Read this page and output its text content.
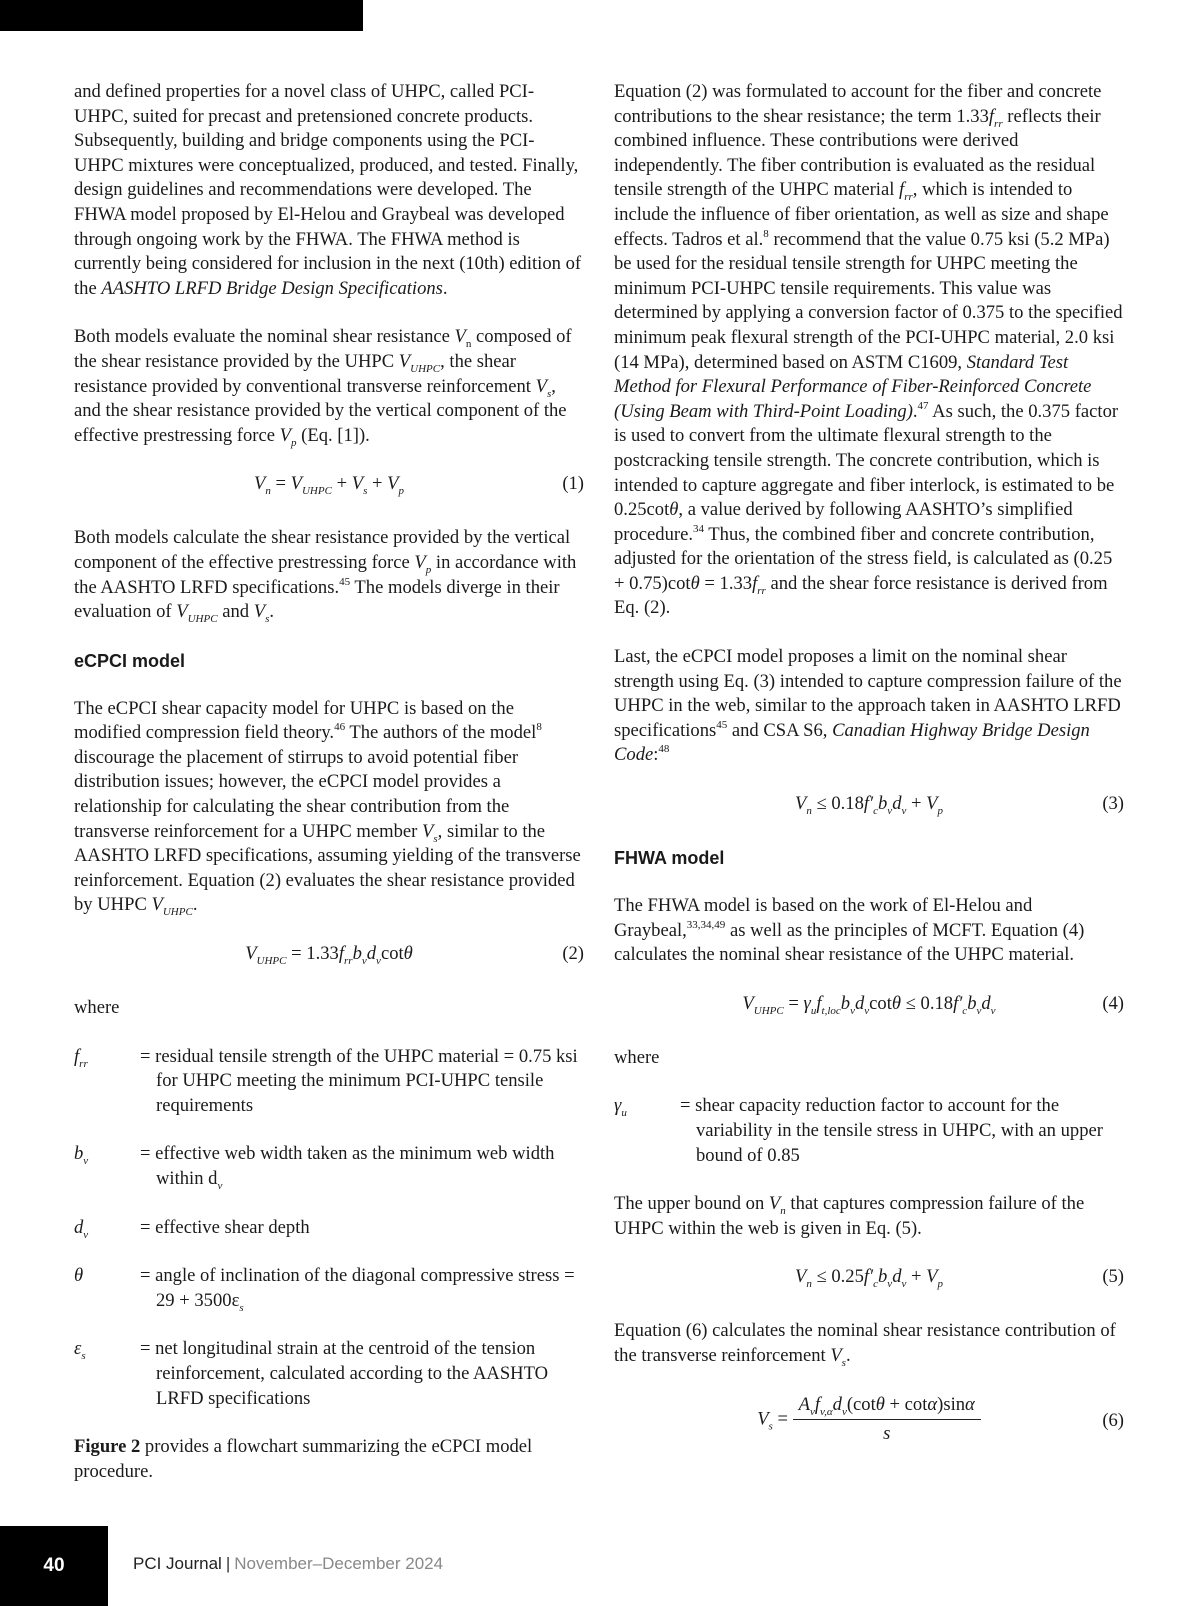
and defined properties for a novel class of UHPC, called PCI-UHPC, suited for precast and pretensioned concrete products. Subsequently, building and bridge components using the PCI-UHPC mixtures were conceptualized, produced, and tested. Finally, design guidelines and recommendations were developed. The FHWA model proposed by El-Helou and Graybeal was developed through ongoing work by the FHWA. The FHWA method is currently being considered for inclusion in the next (10th) edition of the AASHTO LRFD Bridge Design Specifications.

Both models evaluate the nominal shear resistance $V_n$ composed of the shear resistance provided by the UHPC $V_{UHPC}$, the shear resistance provided by conventional transverse reinforcement $V_s$, and the shear resistance provided by the vertical component of the effective prestressing force $V_p$ (Eq. [1]).

$V_n = V_{UHPC} + V_s + V_p$	(1)

Both models calculate the shear resistance provided by the vertical component of the effective prestressing force $V_p$ in accordance with the AASHTO LRFD specifications.$^{45}$ The models diverge in their evaluation of $V_{UHPC}$ and $V_s$.

eCPCI model

The eCPCI shear capacity model for UHPC is based on the modified compression field theory.$^{46}$ The authors of the model$^8$ discourage the placement of stirrups to avoid potential fiber distribution issues; however, the eCPCI model provides a relationship for calculating the shear contribution from the transverse reinforcement for a UHPC member $V_s$, similar to the AASHTO LRFD specifications, assuming yielding of the transverse reinforcement. Equation (2) evaluates the shear resistance provided by UHPC $V_{UHPC}$.

$V_{UHPC} = 1.33f_{rr}b_vd_v\cot\theta$	(2)

where

$f_{rr}$	= residual tensile strength of the UHPC material = 0.75 ksi for UHPC meeting the minimum PCI-UHPC tensile requirements
$b_v$	= effective web width taken as the minimum web width within $d_v$
$d_v$	= effective shear depth
θ	= angle of inclination of the diagonal compressive stress = $29 + 3500\varepsilon_s$
$\varepsilon_s$	= net longitudinal strain at the centroid of the tension reinforcement, calculated according to the AASHTO LRFD specifications

Figure 2 provides a flowchart summarizing the eCPCI model procedure.

Equation (2) was formulated to account for the fiber and concrete contributions to the shear resistance; the term $1.33f_{rr}$ reflects their combined influence. These contributions were derived independently. The fiber contribution is evaluated as the residual tensile strength of the UHPC material $f_{rr}$, which is intended to include the influence of fiber orientation, as well as size and shape effects. Tadros et al.$^8$ recommend that the value 0.75 ksi (5.2 MPa) be used for the residual tensile strength for UHPC meeting the minimum PCI-UHPC tensile requirements. This value was determined by applying a conversion factor of 0.375 to the specified minimum peak flexural strength of the PCI-UHPC material, 2.0 ksi (14 MPa), determined based on ASTM C1609, Standard Test Method for Flexural Performance of Fiber-Reinforced Concrete (Using Beam with Third-Point Loading).$^{47}$ As such, the 0.375 factor is used to convert from the ultimate flexural strength to the postcracking tensile strength. The concrete contribution, which is intended to capture aggregate and fiber interlock, is estimated to be 0.25cotθ, a value derived by following AASHTO’s simplified procedure.$^{34}$ Thus, the combined fiber and concrete contribution, adjusted for the orientation of the stress field, is calculated as $(0.25 + 0.75)\cot\theta = 1.33f_{rr}$ and the shear force resistance is derived from Eq. (2).

Last, the eCPCI model proposes a limit on the nominal shear strength using Eq. (3) intended to capture compression failure of the UHPC in the web, similar to the approach taken in AASHTO LRFD specifications$^{45}$ and CSA S6, Canadian Highway Bridge Design Code:$^{48}$

$V_n \le 0.18f'_cb_vd_v + V_p$	(3)
FHWA model

The FHWA model is based on the work of El-Helou and Graybeal,$^{33,34,49}$ as well as the principles of MCFT. Equation (4) calculates the nominal shear resistance of the UHPC material.

$V_{UHPC} = \gamma_uf_{t,loc}b_vd_v\cot\theta \le 0.18f'_cb_vd_v$	(4)

where

$\gamma_u$	= shear capacity reduction factor to account for the variability in the tensile stress in UHPC, with an upper bound of 0.85

The upper bound on $V_n$ that captures compression failure of the UHPC within the web is given in Eq. (5).

$V_n \le 0.25f'_cb_vd_v + V_p$	(5)

Equation (6) calculates the nominal shear resistance contribution of the transverse reinforcement $V_s$.

$V_s = \frac{A_vf_{v,\alpha}d_v(\cot\theta + \cot\alpha)\sin\alpha}{s}$	(6)
40	PCI Journal | November–December 2024
